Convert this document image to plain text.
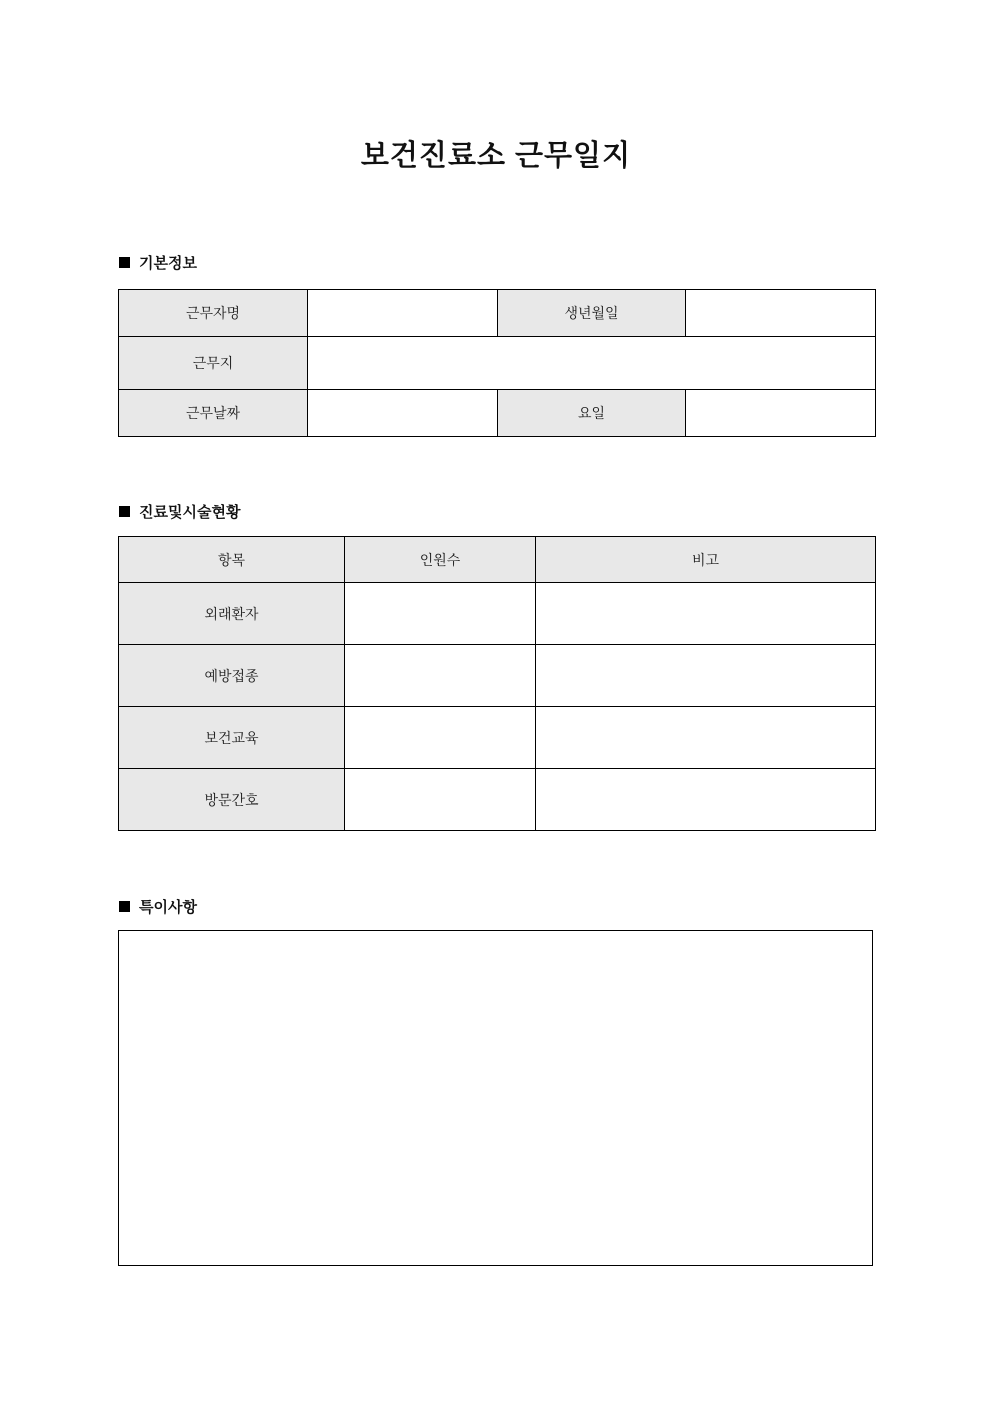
보건진료소 근무일지
기본정보
근무자명		생년월일	
근무지			
근무날짜		요일	
진료및시술현황
항목	인원수	비고
외래환자		
예방접종		
보건교육		
방문간호		
특이사항
